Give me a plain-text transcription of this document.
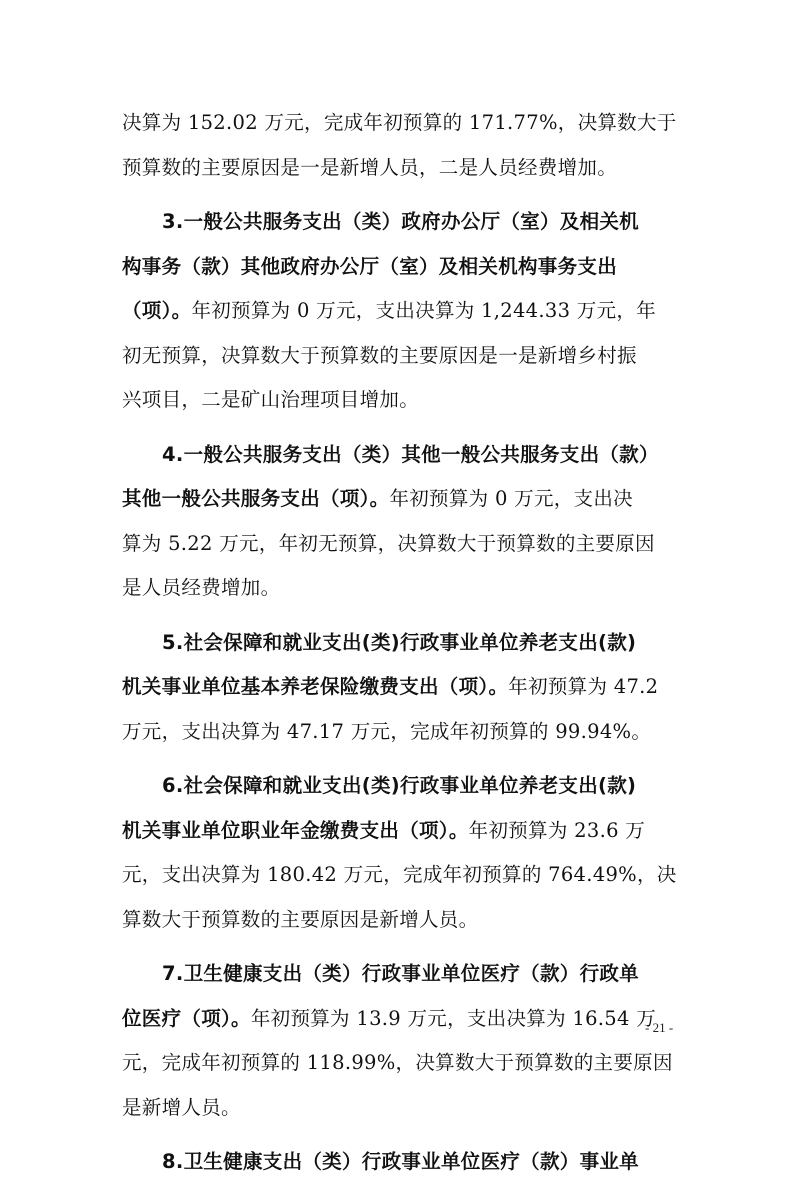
决算为 152.02 万元，完成年初预算的 171.77%，决算数大于
预算数的主要原因是一是新增人员，二是人员经费增加。
3.一般公共服务支出（类）政府办公厅（室）及相关机
构事务（款）其他政府办公厅（室）及相关机构事务支出
（项）。年初预算为 0 万元，支出决算为 1,244.33 万元，年
初无预算，决算数大于预算数的主要原因是一是新增乡村振
兴项目，二是矿山治理项目增加。
4.一般公共服务支出（类）其他一般公共服务支出（款）
其他一般公共服务支出（项）。年初预算为 0 万元，支出决
算为 5.22 万元，年初无预算，决算数大于预算数的主要原因
是人员经费增加。
5.社会保障和就业支出(类)行政事业单位养老支出(款)
机关事业单位基本养老保险缴费支出（项）。年初预算为 47.2
万元，支出决算为 47.17 万元，完成年初预算的 99.94%。
6.社会保障和就业支出(类)行政事业单位养老支出(款)
机关事业单位职业年金缴费支出（项）。年初预算为 23.6 万
元，支出决算为 180.42 万元，完成年初预算的 764.49%，决
算数大于预算数的主要原因是新增人员。
7.卫生健康支出（类）行政事业单位医疗（款）行政单
位医疗（项）。年初预算为 13.9 万元，支出决算为 16.54 万
元，完成年初预算的 118.99%，决算数大于预算数的主要原因
是新增人员。
8.卫生健康支出（类）行政事业单位医疗（款）事业单
- 21 -
